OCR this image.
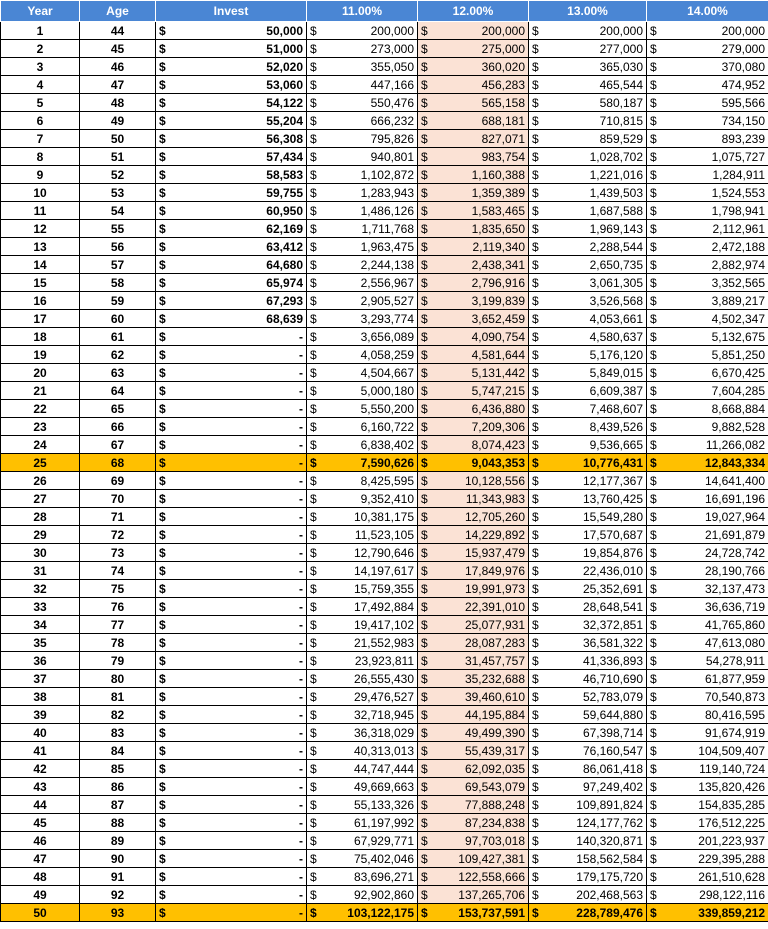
Year	Age	Invest	11.00%	12.00%	13.00%	14.00%
1	44	$ 50,000	$ 200,000	$ 200,000	$ 200,000	$ 200,000

2	45	$ 51,000	$ 273,000	$ 275,000	$ 277,000	$ 279,000

3	46	$ 52,020	$ 355,050	$ 360,020	$ 365,030	$ 370,080

4	47	$ 53,060	$ 447,166	$ 456,283	$ 465,544	$ 474,952

5	48	$ 54,122	$ 550,476	$ 565,158	$ 580,187	$ 595,566

6	49	$ 55,204	$ 666,232	$ 688,181	$ 710,815	$ 734,150

7	50	$ 56,308	$ 795,826	$ 827,071	$ 859,529	$ 893,239

8	51	$ 57,434	$ 940,801	$ 983,754	$ 1,028,702	$ 1,075,727

9	52	$ 58,583	$ 1,102,872	$ 1,160,388	$ 1,221,016	$ 1,284,911

10	53	$ 59,755	$ 1,283,943	$ 1,359,389	$ 1,439,503	$ 1,524,553

11	54	$ 60,950	$ 1,486,126	$ 1,583,465	$ 1,687,588	$ 1,798,941

12	55	$ 62,169	$ 1,711,768	$ 1,835,650	$ 1,969,143	$ 2,112,961

13	56	$ 63,412	$ 1,963,475	$ 2,119,340	$ 2,288,544	$ 2,472,188

14	57	$ 64,680	$ 2,244,138	$ 2,438,341	$ 2,650,735	$ 2,882,974

15	58	$ 65,974	$ 2,556,967	$ 2,796,916	$ 3,061,305	$ 3,352,565

16	59	$ 67,293	$ 2,905,527	$ 3,199,839	$ 3,526,568	$ 3,889,217

17	60	$ 68,639	$ 3,293,774	$ 3,652,459	$ 4,053,661	$ 4,502,347

18	61	$ -	$ 3,656,089	$ 4,090,754	$ 4,580,637	$ 5,132,675

19	62	$ -	$ 4,058,259	$ 4,581,644	$ 5,176,120	$ 5,851,250

20	63	$ -	$ 4,504,667	$ 5,131,442	$ 5,849,015	$ 6,670,425

21	64	$ -	$ 5,000,180	$ 5,747,215	$ 6,609,387	$ 7,604,285

22	65	$ -	$ 5,550,200	$ 6,436,880	$ 7,468,607	$ 8,668,884

23	66	$ -	$ 6,160,722	$ 7,209,306	$ 8,439,526	$ 9,882,528

24	67	$ -	$ 6,838,402	$ 8,074,423	$ 9,536,665	$ 11,266,082

25	68	$ -	$ 7,590,626	$ 9,043,353	$ 10,776,431	$ 12,843,334

26	69	$ -	$ 8,425,595	$ 10,128,556	$ 12,177,367	$ 14,641,400

27	70	$ -	$ 9,352,410	$ 11,343,983	$ 13,760,425	$ 16,691,196

28	71	$ -	$ 10,381,175	$ 12,705,260	$ 15,549,280	$ 19,027,964

29	72	$ -	$ 11,523,105	$ 14,229,892	$ 17,570,687	$ 21,691,879

30	73	$ -	$ 12,790,646	$ 15,937,479	$ 19,854,876	$ 24,728,742

31	74	$ -	$ 14,197,617	$ 17,849,976	$ 22,436,010	$ 28,190,766

32	75	$ -	$ 15,759,355	$ 19,991,973	$ 25,352,691	$ 32,137,473

33	76	$ -	$ 17,492,884	$ 22,391,010	$ 28,648,541	$ 36,636,719

34	77	$ -	$ 19,417,102	$ 25,077,931	$ 32,372,851	$ 41,765,860

35	78	$ -	$ 21,552,983	$ 28,087,283	$ 36,581,322	$ 47,613,080

36	79	$ -	$ 23,923,811	$ 31,457,757	$ 41,336,893	$ 54,278,911

37	80	$ -	$ 26,555,430	$ 35,232,688	$ 46,710,690	$ 61,877,959

38	81	$ -	$ 29,476,527	$ 39,460,610	$ 52,783,079	$ 70,540,873

39	82	$ -	$ 32,718,945	$ 44,195,884	$ 59,644,880	$ 80,416,595

40	83	$ -	$ 36,318,029	$ 49,499,390	$ 67,398,714	$ 91,674,919

41	84	$ -	$ 40,313,013	$ 55,439,317	$ 76,160,547	$ 104,509,407

42	85	$ -	$ 44,747,444	$ 62,092,035	$ 86,061,418	$ 119,140,724

43	86	$ -	$ 49,669,663	$ 69,543,079	$ 97,249,402	$ 135,820,426

44	87	$ -	$ 55,133,326	$ 77,888,248	$ 109,891,824	$ 154,835,285

45	88	$ -	$ 61,197,992	$ 87,234,838	$ 124,177,762	$ 176,512,225

46	89	$ -	$ 67,929,771	$ 97,703,018	$ 140,320,871	$ 201,223,937

47	90	$ -	$ 75,402,046	$ 109,427,381	$ 158,562,584	$ 229,395,288

48	91	$ -	$ 83,696,271	$ 122,558,666	$ 179,175,720	$ 261,510,628

49	92	$ -	$ 92,902,860	$ 137,265,706	$ 202,468,563	$ 298,122,116

50	93	$ -	$ 103,122,175	$ 153,737,591	$ 228,789,476	$ 339,859,212
